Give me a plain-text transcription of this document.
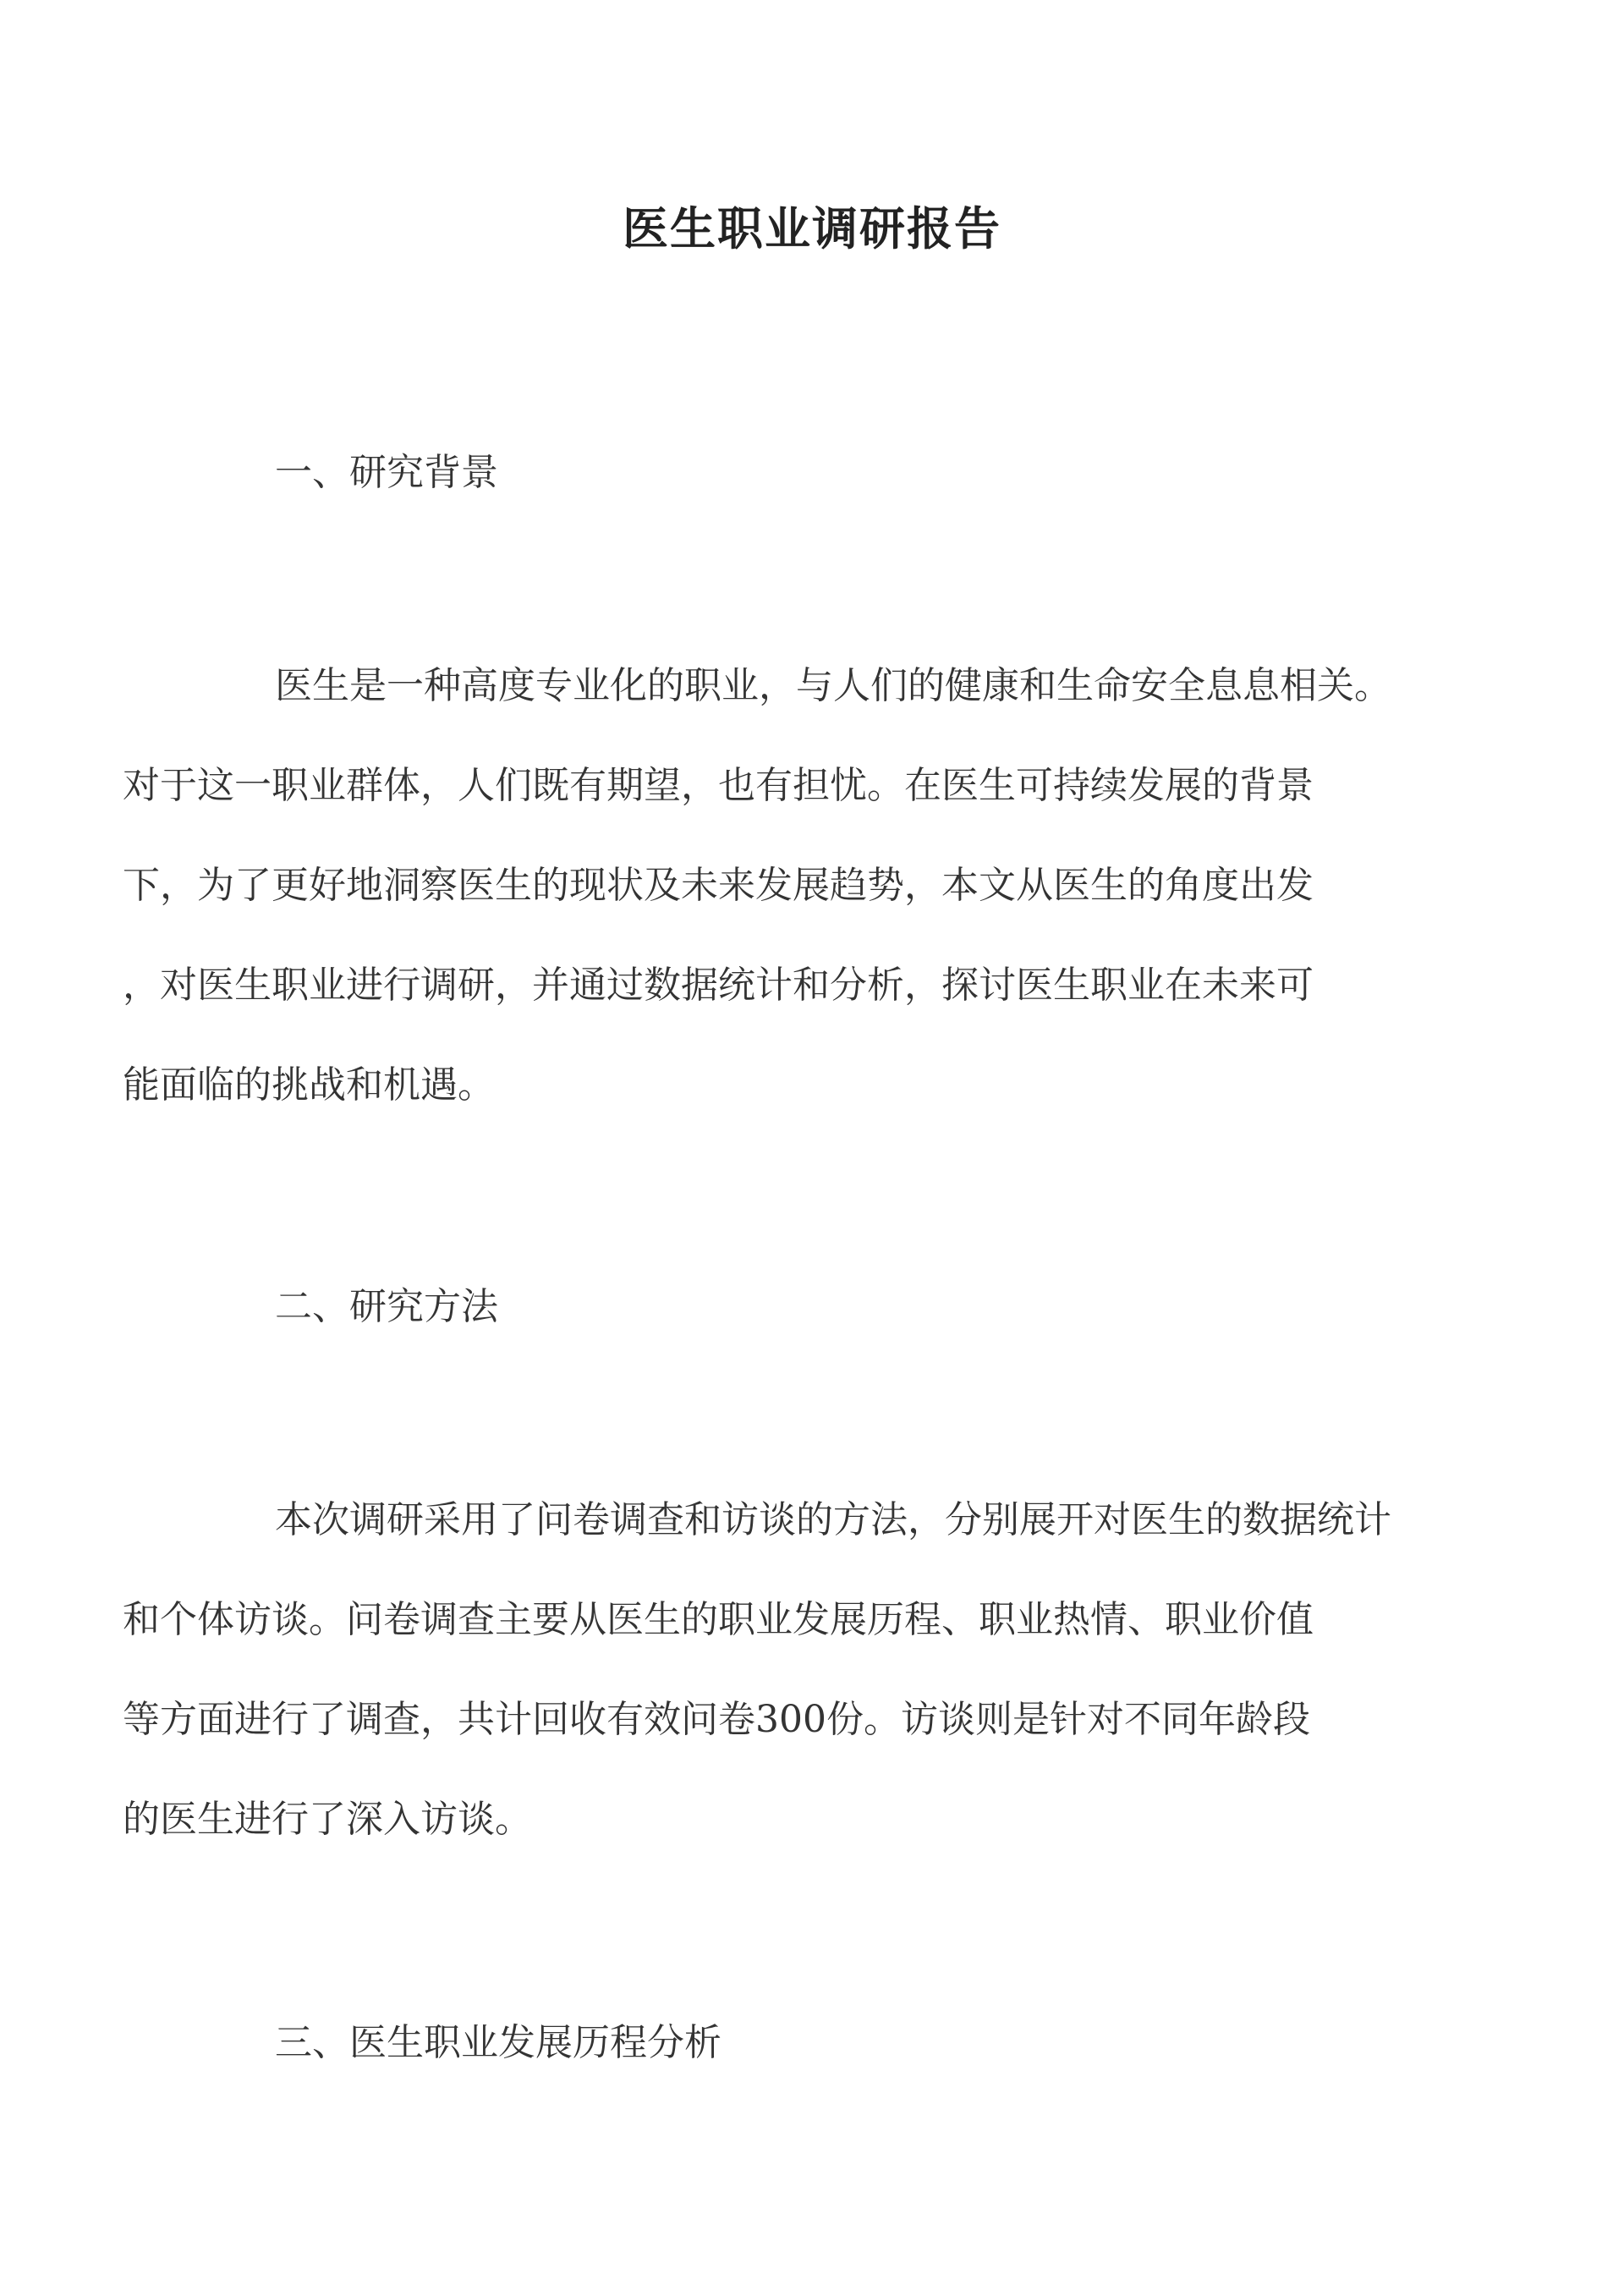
医生职业调研报告
一、研究背景
医生是一种高度专业化的职业，与人们的健康和生命安全息息相关。
对于这一职业群体，人们既有期望，也有担忧。在医生可持续发展的背景
下，为了更好地洞察医生的现状及未来发展趋势，本文从医生的角度出发
，对医生职业进行调研，并通过数据统计和分析，探讨医生职业在未来可
能面临的挑战和机遇。
二、研究方法
本次调研采用了问卷调查和访谈的方法，分别展开对医生的数据统计
和个体访谈。问卷调查主要从医生的职业发展历程、职业热情、职业价值
等方面进行了调查，共计回收有效问卷300份。访谈则是针对不同年龄段
的医生进行了深入访谈。
三、医生职业发展历程分析
